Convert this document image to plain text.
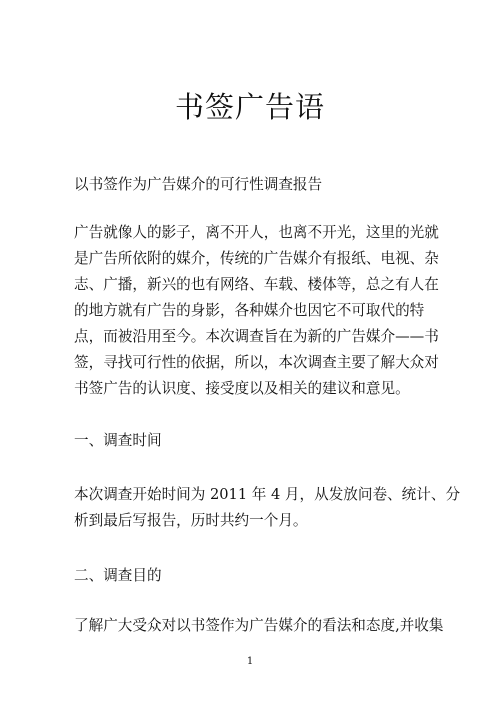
书签广告语
以书签作为广告媒介的可行性调查报告
广告就像人的影子，离不开人，也离不开光，这里的光就
是广告所依附的媒介，传统的广告媒介有报纸、电视、杂
志、广播，新兴的也有网络、车载、楼体等，总之有人在
的地方就有广告的身影，各种媒介也因它不可取代的特
点，而被沿用至今。本次调查旨在为新的广告媒介——书
签，寻找可行性的依据，所以，本次调查主要了解大众对
书签广告的认识度、接受度以及相关的建议和意见。
一、调查时间
本次调查开始时间为 2011 年 4 月，从发放问卷、统计、分
析到最后写报告，历时共约一个月。
二、调查目的
了解广大受众对以书签作为广告媒介的看法和态度,并收集
1
